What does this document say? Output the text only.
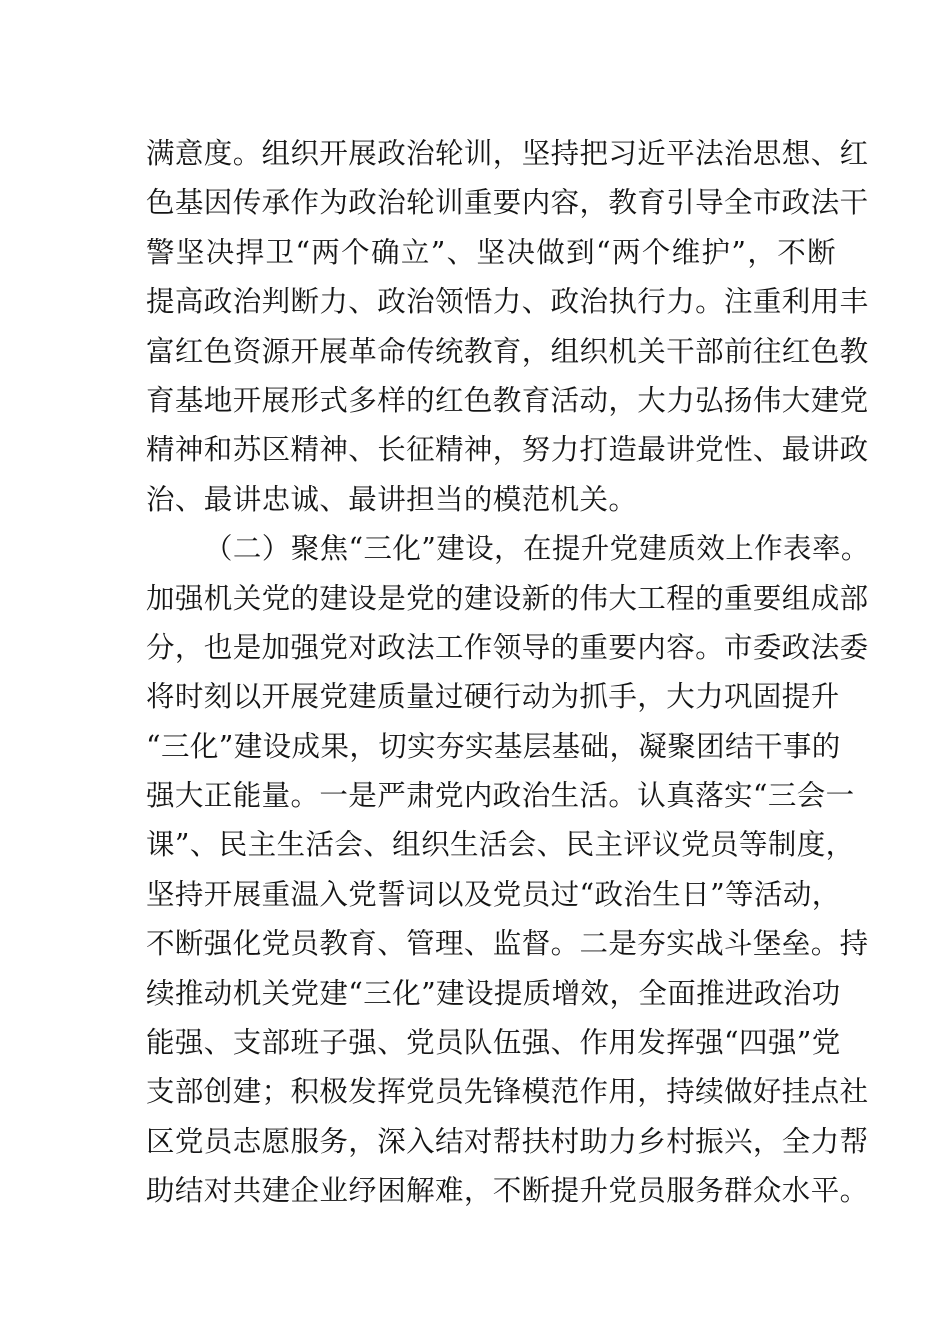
满意度。组织开展政治轮训，坚持把习近平法治思想、红
色基因传承作为政治轮训重要内容，教育引导全市政法干
警坚决捍卫“两个确立”、坚决做到“两个维护”，不断
提高政治判断力、政治领悟力、政治执行力。注重利用丰
富红色资源开展革命传统教育，组织机关干部前往红色教
育基地开展形式多样的红色教育活动，大力弘扬伟大建党
精神和苏区精神、长征精神，努力打造最讲党性、最讲政
治、最讲忠诚、最讲担当的模范机关。
（二）聚焦“三化”建设，在提升党建质效上作表率。
加强机关党的建设是党的建设新的伟大工程的重要组成部
分，也是加强党对政法工作领导的重要内容。市委政法委
将时刻以开展党建质量过硬行动为抓手，大力巩固提升
“三化”建设成果，切实夯实基层基础，凝聚团结干事的
强大正能量。一是严肃党内政治生活。认真落实“三会一
课”、民主生活会、组织生活会、民主评议党员等制度，
坚持开展重温入党誓词以及党员过“政治生日”等活动，
不断强化党员教育、管理、监督。二是夯实战斗堡垒。持
续推动机关党建“三化”建设提质增效，全面推进政治功
能强、支部班子强、党员队伍强、作用发挥强“四强”党
支部创建；积极发挥党员先锋模范作用，持续做好挂点社
区党员志愿服务，深入结对帮扶村助力乡村振兴，全力帮
助结对共建企业纾困解难，不断提升党员服务群众水平。
